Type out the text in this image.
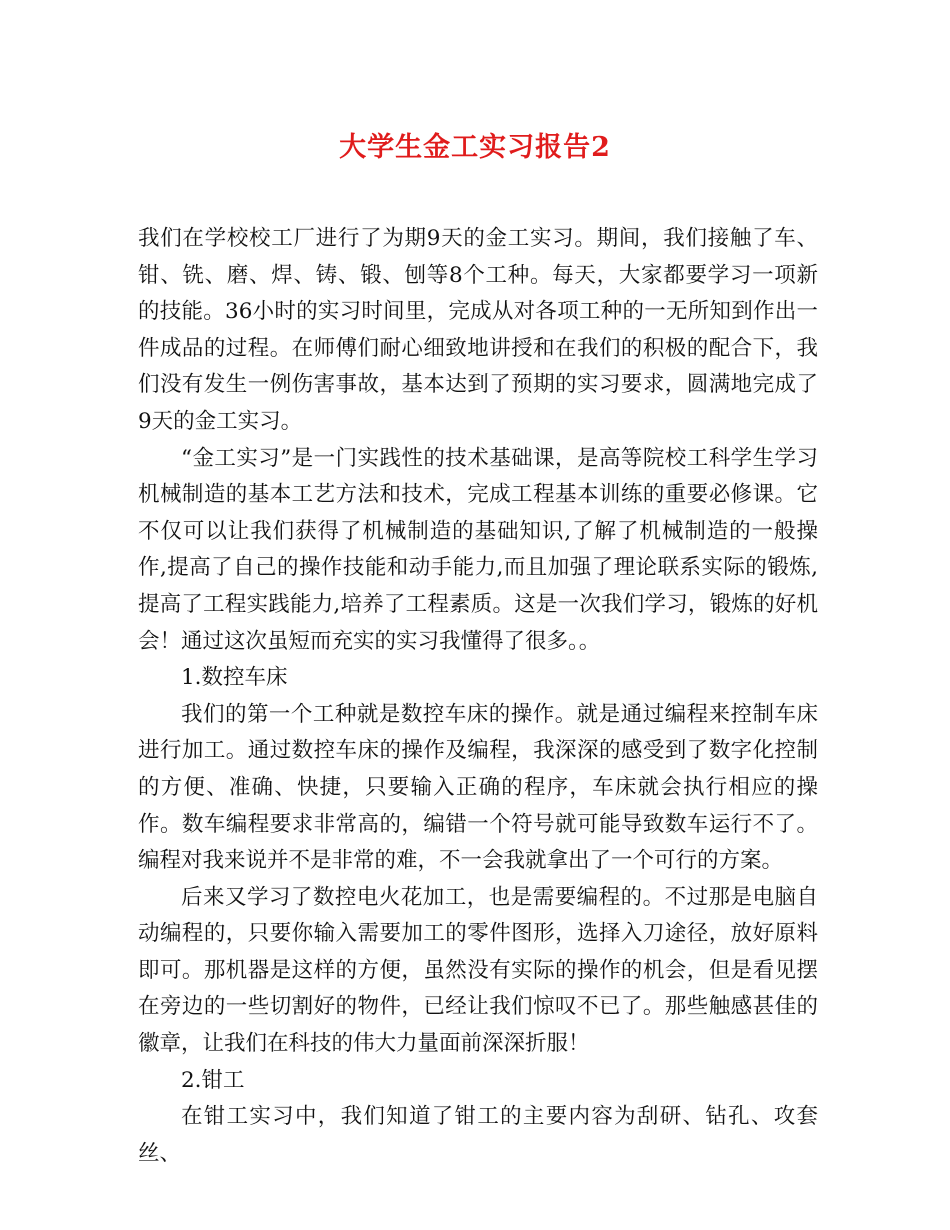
大学生金工实习报告2

我们在学校校工厂进行了为期9天的金工实习。期间，我们接触了车、钳、铣、磨、焊、铸、锻、刨等8个工种。每天，大家都要学习一项新的技能。36小时的实习时间里，完成从对各项工种的一无所知到作出一件成品的过程。在师傅们耐心细致地讲授和在我们的积极的配合下，我们没有发生一例伤害事故，基本达到了预期的实习要求，圆满地完成了9天的金工实习。

“金工实习”是一门实践性的技术基础课，是高等院校工科学生学习机械制造的基本工艺方法和技术，完成工程基本训练的重要必修课。它不仅可以让我们获得了机械制造的基础知识,了解了机械制造的一般操作,提高了自己的操作技能和动手能力,而且加强了理论联系实际的锻炼,提高了工程实践能力,培养了工程素质。这是一次我们学习，锻炼的好机会！通过这次虽短而充实的实习我懂得了很多。。

1.数控车床

我们的第一个工种就是数控车床的操作。就是通过编程来控制车床进行加工。通过数控车床的操作及编程，我深深的感受到了数字化控制的方便、准确、快捷，只要输入正确的程序，车床就会执行相应的操作。数车编程要求非常高的，编错一个符号就可能导致数车运行不了。编程对我来说并不是非常的难，不一会我就拿出了一个可行的方案。

后来又学习了数控电火花加工，也是需要编程的。不过那是电脑自动编程的，只要你输入需要加工的零件图形，选择入刀途径，放好原料即可。那机器是这样的方便，虽然没有实际的操作的机会，但是看见摆在旁边的一些切割好的物件，已经让我们惊叹不已了。那些触感甚佳的徽章，让我们在科技的伟大力量面前深深折服！

2.钳工

在钳工实习中，我们知道了钳工的主要内容为刮研、钻孔、攻套丝、
